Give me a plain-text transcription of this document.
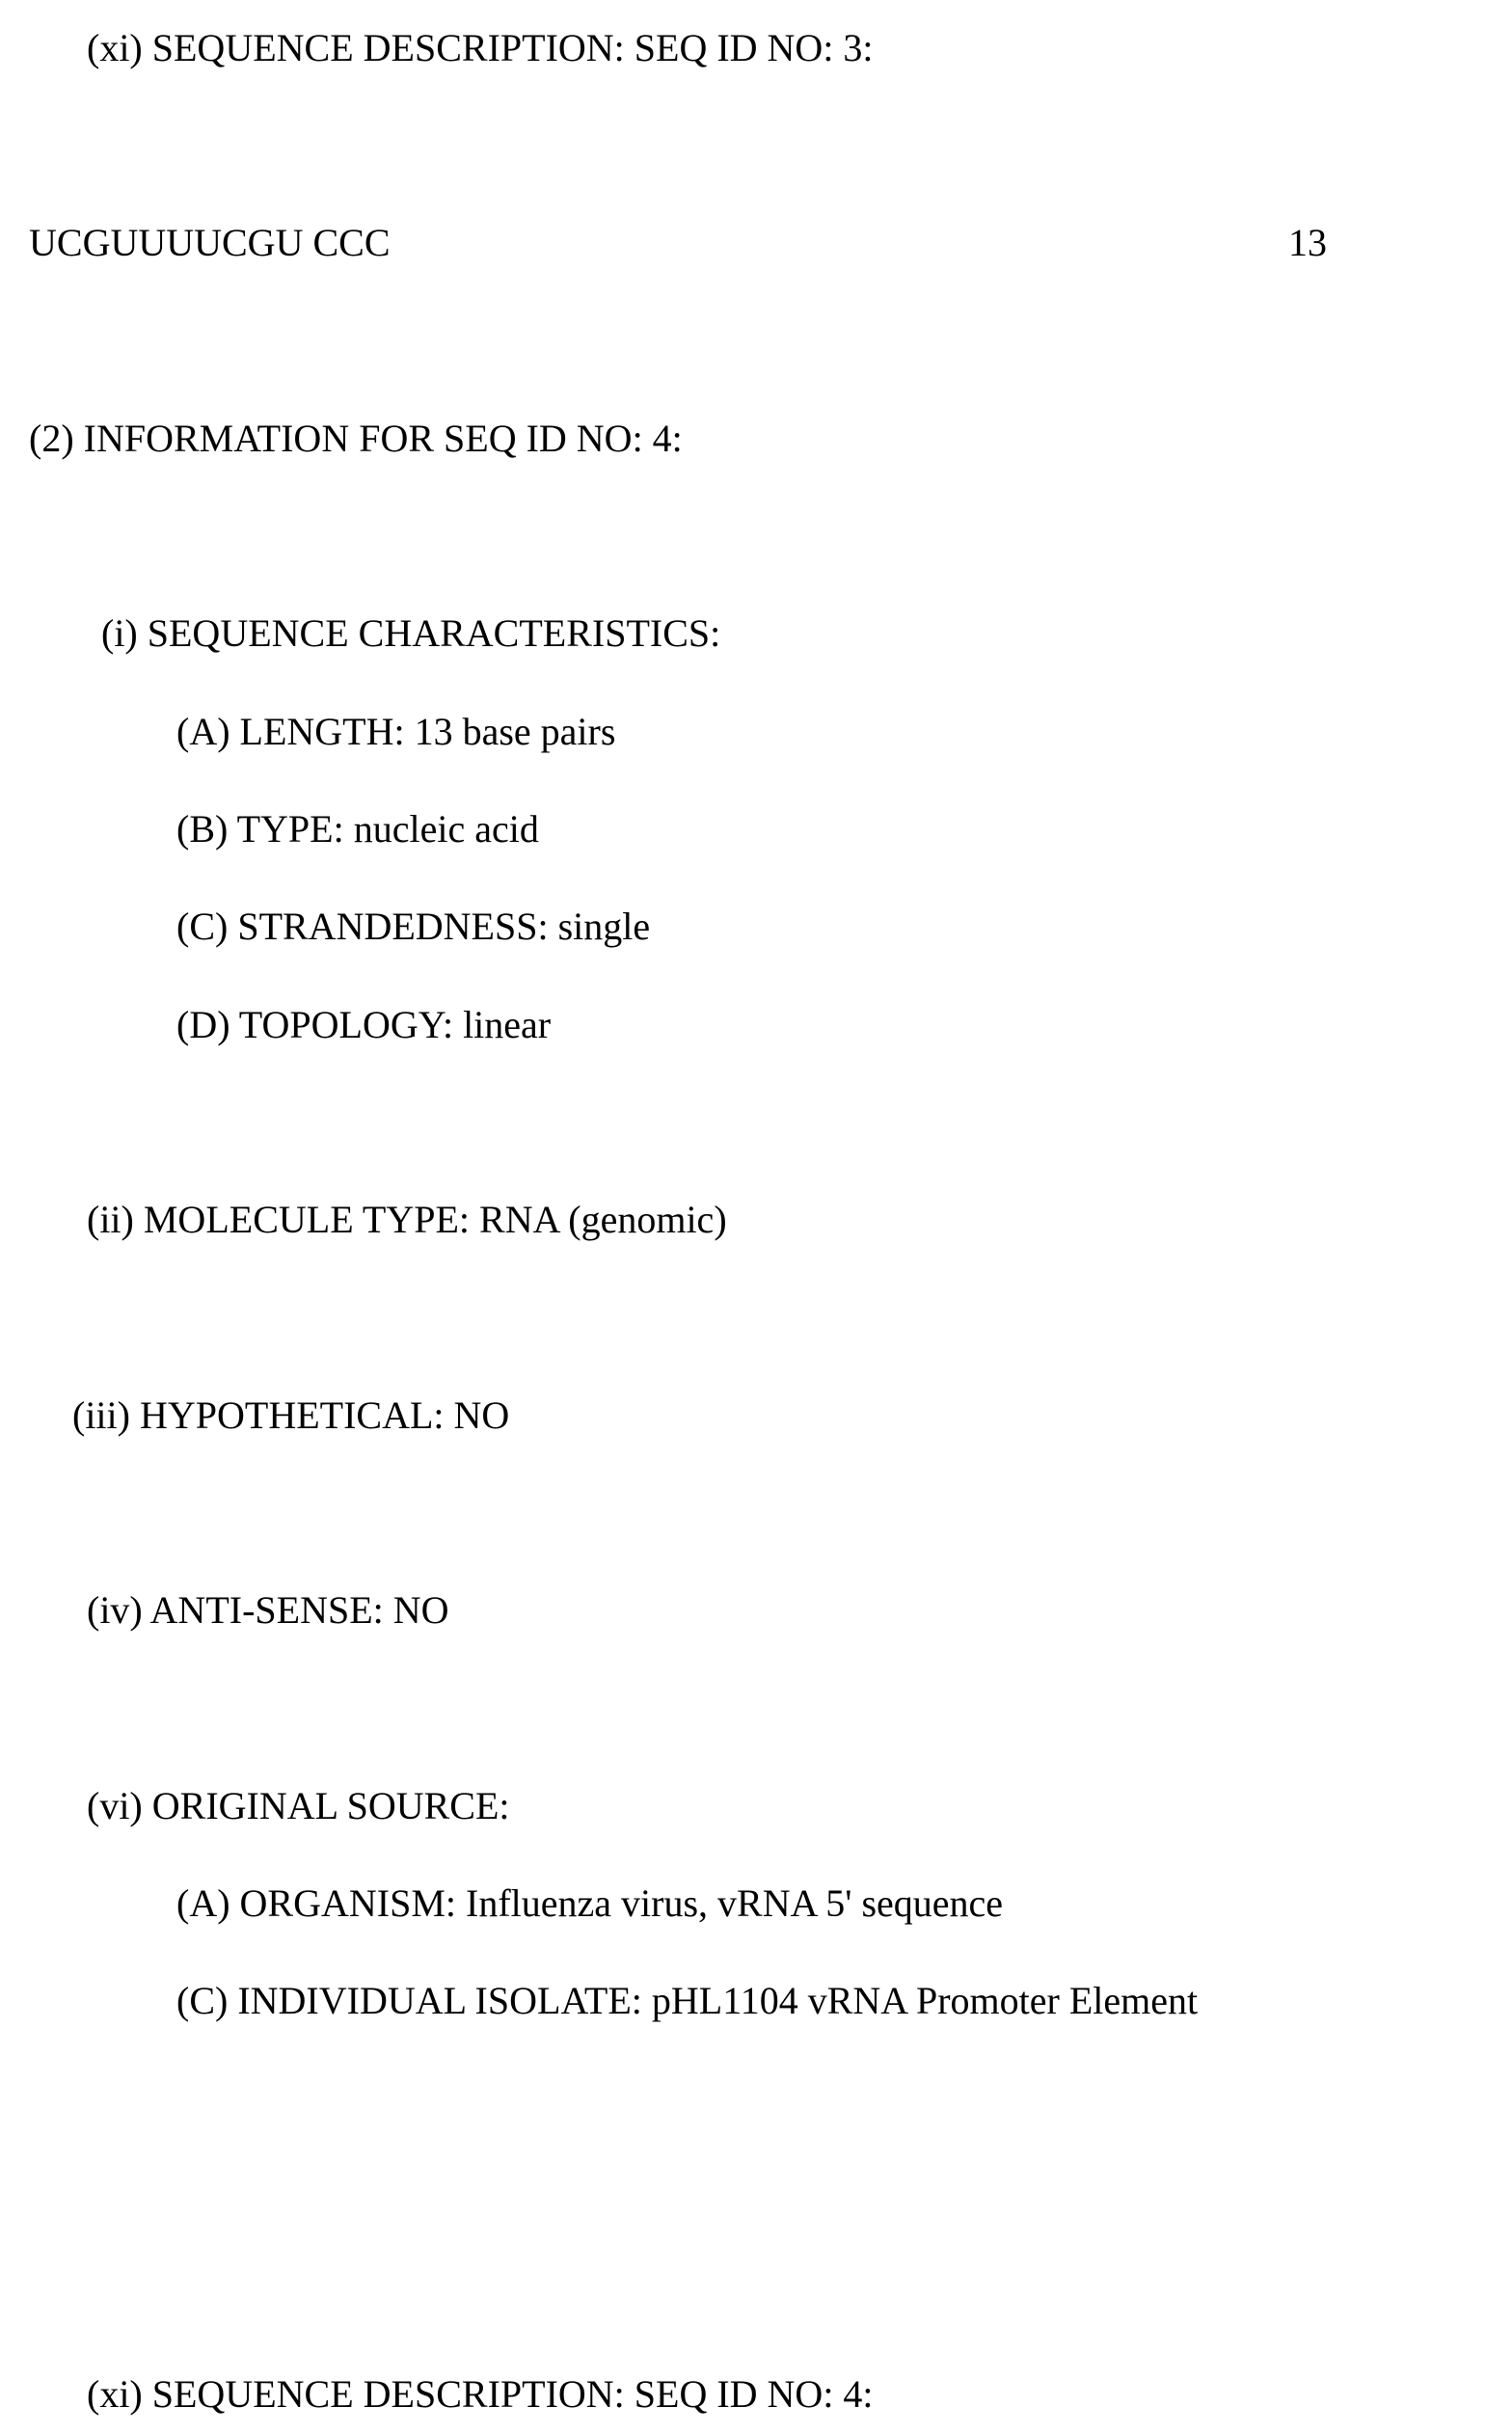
(xi) SEQUENCE DESCRIPTION: SEQ ID NO: 3:
UCGUUUUCGU CCC	13
(2) INFORMATION FOR SEQ ID NO: 4:
(i) SEQUENCE CHARACTERISTICS:
(A) LENGTH: 13 base pairs
(B) TYPE: nucleic acid
(C) STRANDEDNESS: single
(D) TOPOLOGY: linear
(ii) MOLECULE TYPE: RNA (genomic)
(iii) HYPOTHETICAL: NO
(iv) ANTI-SENSE: NO
(vi) ORIGINAL SOURCE:
(A) ORGANISM: Influenza virus, vRNA 5' sequence
(C) INDIVIDUAL ISOLATE: pHL1104 vRNA Promoter Element
(xi) SEQUENCE DESCRIPTION: SEQ ID NO: 4:
